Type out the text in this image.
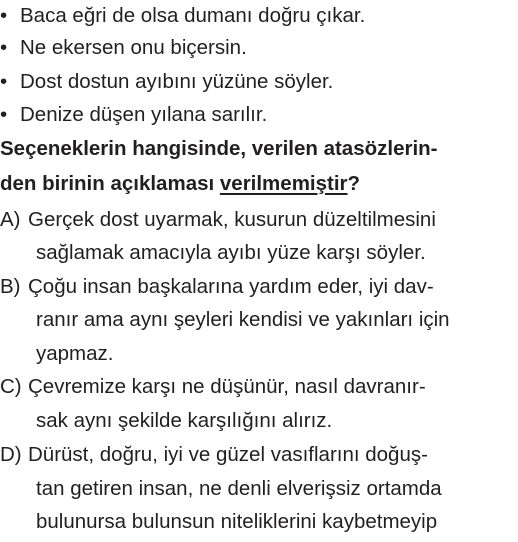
• Baca eğri de olsa dumanı doğru çıkar.
• Ne ekersen onu biçersin.
• Dost dostun ayıbını yüzüne söyler.
• Denize düşen yılana sarılır.
Seçeneklerin hangisinde, verilen atasözlerin-
den birinin açıklaması verilmemiştir?
A) Gerçek dost uyarmak, kusurun düzeltilmesini
sağlamak amacıyla ayıbı yüze karşı söyler.
B) Çoğu insan başkalarına yardım eder, iyi dav-
ranır ama aynı şeyleri kendisi ve yakınları için
yapmaz.
C) Çevremize karşı ne düşünür, nasıl davranır-
sak aynı şekilde karşılığını alırız.
D) Dürüst, doğru, iyi ve güzel vasıflarını doğuş-
tan getiren insan, ne denli elverişsiz ortamda
bulunursa bulunsun niteliklerini kaybetmeyip
